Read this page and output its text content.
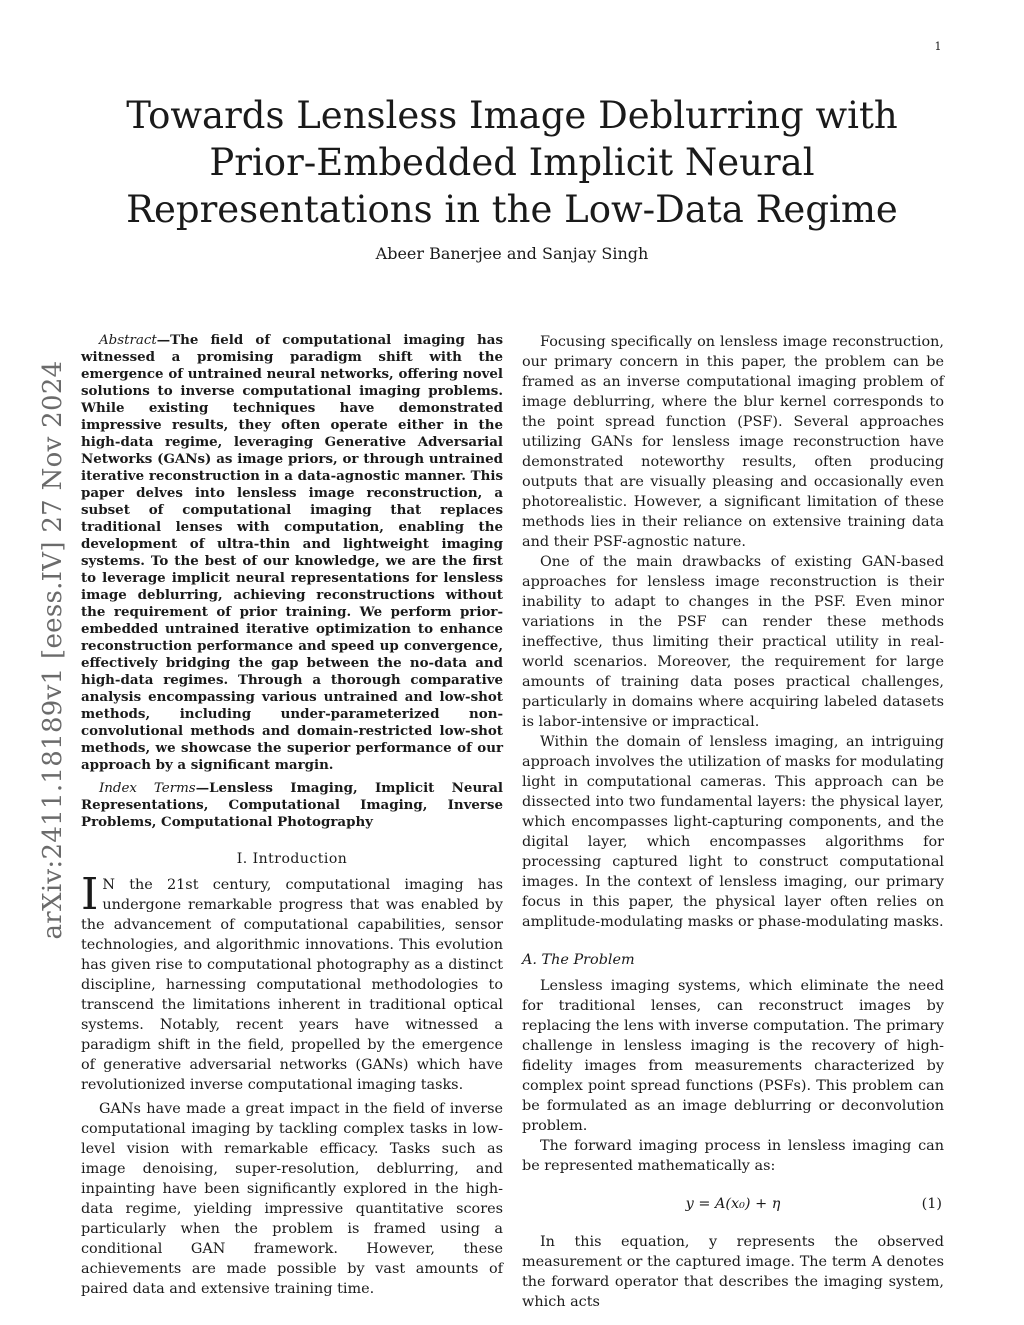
1
arXiv:2411.18189v1 [eess.IV] 27 Nov 2024
Towards Lensless Image Deblurring with Prior-Embedded Implicit Neural Representations in the Low-Data Regime
Abeer Banerjee and Sanjay Singh

Abstract—The field of computational imaging has witnessed a promising paradigm shift with the emergence of untrained neural networks, offering novel solutions to inverse computational imaging problems. While existing techniques have demonstrated impressive results, they often operate either in the high-data regime, leveraging Generative Adversarial Networks (GANs) as image priors, or through untrained iterative reconstruction in a data-agnostic manner. This paper delves into lensless image reconstruction, a subset of computational imaging that replaces traditional lenses with computation, enabling the development of ultra-thin and lightweight imaging systems. To the best of our knowledge, we are the first to leverage implicit neural representations for lensless image deblurring, achieving reconstructions without the requirement of prior training. We perform prior-embedded untrained iterative optimization to enhance reconstruction performance and speed up convergence, effectively bridging the gap between the no-data and high-data regimes. Through a thorough comparative analysis encompassing various untrained and low-shot methods, including under-parameterized non-convolutional methods and domain-restricted low-shot methods, we showcase the superior performance of our approach by a significant margin.

Index Terms—Lensless Imaging, Implicit Neural Representations, Computational Imaging, Inverse Problems, Computational Photography

I. Introduction

I N the 21st century, computational imaging has undergone remarkable progress that was enabled by the advancement of computational capabilities, sensor technologies, and algorithmic innovations. This evolution has given rise to computational photography as a distinct discipline, harnessing computational methodologies to transcend the limitations inherent in traditional optical systems. Notably, recent years have witnessed a paradigm shift in the field, propelled by the emergence of generative adversarial networks (GANs) which have revolutionized inverse computational imaging tasks.

GANs have made a great impact in the field of inverse computational imaging by tackling complex tasks in low-level vision with remarkable efficacy. Tasks such as image denoising, super-resolution, deblurring, and inpainting have been significantly explored in the high-data regime, yielding impressive quantitative scores particularly when the problem is framed using a conditional GAN framework. However, these achievements are made possible by vast amounts of paired data and extensive training time.

Focusing specifically on lensless image reconstruction, our primary concern in this paper, the problem can be framed as an inverse computational imaging problem of image deblurring, where the blur kernel corresponds to the point spread function (PSF). Several approaches utilizing GANs for lensless image reconstruction have demonstrated noteworthy results, often producing outputs that are visually pleasing and occasionally even photorealistic. However, a significant limitation of these methods lies in their reliance on extensive training data and their PSF-agnostic nature.

One of the main drawbacks of existing GAN-based approaches for lensless image reconstruction is their inability to adapt to changes in the PSF. Even minor variations in the PSF can render these methods ineffective, thus limiting their practical utility in real-world scenarios. Moreover, the requirement for large amounts of training data poses practical challenges, particularly in domains where acquiring labeled datasets is labor-intensive or impractical.

Within the domain of lensless imaging, an intriguing approach involves the utilization of masks for modulating light in computational cameras. This approach can be dissected into two fundamental layers: the physical layer, which encompasses light-capturing components, and the digital layer, which encompasses algorithms for processing captured light to construct computational images. In the context of lensless imaging, our primary focus in this paper, the physical layer often relies on amplitude-modulating masks or phase-modulating masks.

A. The Problem

Lensless imaging systems, which eliminate the need for traditional lenses, can reconstruct images by replacing the lens with inverse computation. The primary challenge in lensless imaging is the recovery of high-fidelity images from measurements characterized by complex point spread functions (PSFs). This problem can be formulated as an image deblurring or deconvolution problem.

The forward imaging process in lensless imaging can be represented mathematically as:

y = A(x₀) + η	(1)

In this equation, y represents the observed measurement or the captured image. The term A denotes the forward operator that describes the imaging system, which acts
